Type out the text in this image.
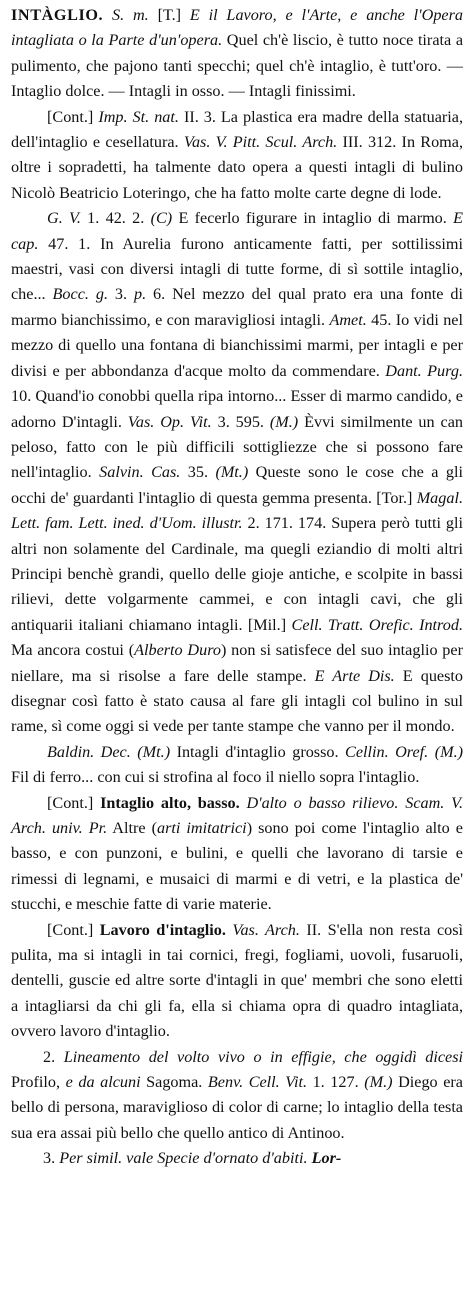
INTÀGLIO. S. m. [T.] E il Lavoro, e l'Arte, e anche l'Opera intagliata o la Parte d'un'opera. Quel ch'è liscio, è tutto noce tirata a pulimento, che pajono tanti specchi; quel ch'è intaglio, è tutt'oro. — Intaglio dolce. — Intagli in osso. — Intagli finissimi.

[Cont.] Imp. St. nat. II. 3. La plastica era madre della statuaria, dell'intaglio e cesellatura. Vas. V. Pitt. Scul. Arch. III. 312. In Roma, oltre i sopradetti, ha talmente dato opera a questi intagli di bulino Nicolò Beatricio Loteringo, che ha fatto molte carte degne di lode.

G. V. 1. 42. 2. (C) E fecerlo figurare in intaglio di marmo. E cap. 47. 1. In Aurelia furono anticamente fatti, per sottilissimi maestri, vasi con diversi intagli di tutte forme, di sì sottile intaglio, che... Bocc. g. 3. p. 6. Nel mezzo del qual prato era una fonte di marmo bianchissimo, e con maravigliosi intagli. Amet. 45. Io vidi nel mezzo di quello una fontana di bianchissimi marmi, per intagli e per divisi e per abbondanza d'acque molto da commendare. Dant. Purg. 10. Quand'io conobbi quella ripa intorno... Esser di marmo candido, e adorno D'intagli. Vas. Op. Vit. 3. 595. (M.) Èvvi similmente un can peloso, fatto con le più difficili sottigliezze che si possono fare nell'intaglio. Salvin. Cas. 35. (Mt.) Queste sono le cose che a gli occhi de' guardanti l'intaglio di questa gemma presenta. [Tor.] Magal. Lett. fam. Lett. ined. d'Uom. illustr. 2. 171. 174. Supera però tutti gli altri non solamente del Cardinale, ma quegli eziandio di molti altri Principi benchè grandi, quello delle gioje antiche, e scolpite in bassi rilievi, dette volgarmente cammei, e con intagli cavi, che gli antiquarii italiani chiamano intagli. [Mil.] Cell. Tratt. Orefic. Introd. Ma ancora costui (Alberto Duro) non si satisfece del suo intaglio per niellare, ma si risolse a fare delle stampe. E Arte Dis. E questo disegnar così fatto è stato causa al fare gli intagli col bulino in sul rame, sì come oggi si vede per tante stampe che vanno per il mondo.

Baldin. Dec. (Mt.) Intagli d'intaglio grosso. Cellin. Oref. (M.) Fil di ferro... con cui si strofina al foco il niello sopra l'intaglio.

[Cont.] Intaglio alto, basso. D'alto o basso rilievo. Scam. V. Arch. univ. Pr. Altre (arti imitatrici) sono poi come l'intaglio alto e basso, e con punzoni, e bulini, e quelli che lavorano di tarsie e rimessi di legnami, e musaici di marmi e di vetri, e la plastica de' stucchi, e meschie fatte di varie materie.

[Cont.] Lavoro d'intaglio. Vas. Arch. II. S'ella non resta così pulita, ma si intagli in tai cornici, fregi, fogliami, uovoli, fusaruoli, dentelli, guscie ed altre sorte d'intagli in que' membri che sono eletti a intagliarsi da chi gli fa, ella si chiama opra di quadro intagliata, ovvero lavoro d'intaglio.

2. Lineamento del volto vivo o in effigie, che oggidì dicesi Profilo, e da alcuni Sagoma. Benv. Cell. Vit. 1. 127. (M.) Diego era bello di persona, maraviglioso di color di carne; lo intaglio della testa sua era assai più bello che quello antico di Antinoo.

3. Per simil. vale Specie d'ornato d'abiti. Lor-
